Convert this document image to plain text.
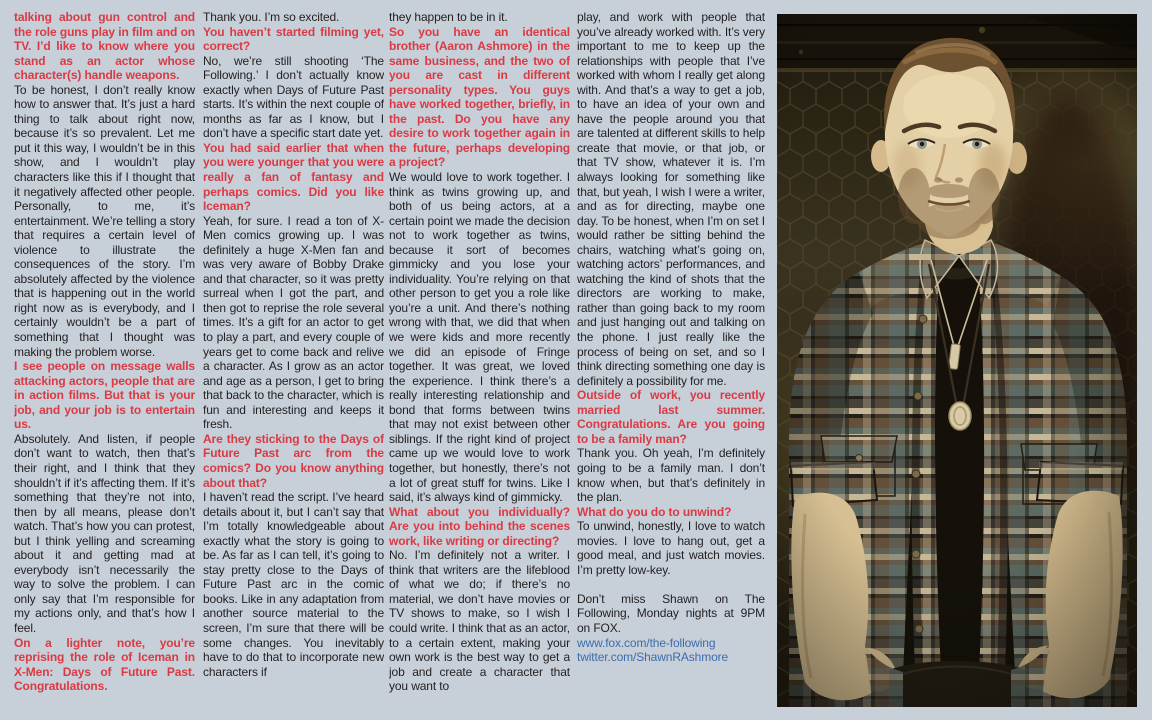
talking about gun control and the role guns play in film and on TV. I’d like to know where you stand as an actor whose character(s) handle weapons.

To be honest, I don’t really know how to answer that. It’s just a hard thing to talk about right now, because it’s so prevalent. Let me put it this way, I wouldn’t be in this show, and I wouldn’t play characters like this if I thought that it negatively affected other people. Personally, to me, it’s entertainment. We’re telling a story that requires a certain level of violence to illustrate the consequences of the story. I’m absolutely affected by the violence that is happening out in the world right now as is everybody, and I certainly wouldn’t be a part of something that I thought was making the problem worse.

I see people on message walls attacking actors, people that are in action films. But that is your job, and your job is to entertain us.

Absolutely. And listen, if people don’t want to watch, then that’s their right, and I think that they shouldn’t if it’s affecting them. If it’s something that they’re not into, then by all means, please don’t watch. That’s how you can protest, but I think yelling and screaming about it and getting mad at everybody isn’t necessarily the way to solve the problem. I can only say that I’m responsible for my actions only, and that’s how I feel.

On a lighter note, you’re reprising the role of Iceman in X-Men: Days of Future Past. Congratulations.

Thank you. I’m so excited.

You haven’t started filming yet, correct?

No, we’re still shooting ‘The Following.’ I don’t actually know exactly when Days of Future Past starts. It’s within the next couple of months as far as I know, but I don’t have a specific start date yet.

You had said earlier that when you were younger that you were really a fan of fantasy and perhaps comics. Did you like Iceman?

Yeah, for sure. I read a ton of X-Men comics growing up. I was definitely a huge X-Men fan and was very aware of Bobby Drake and that character, so it was pretty surreal when I got the part, and then got to reprise the role several times. It’s a gift for an actor to get to play a part, and every couple of years get to come back and relive a character. As I grow as an actor and age as a person, I get to bring that back to the character, which is fun and interesting and keeps it fresh.

Are they sticking to the Days of Future Past arc from the comics? Do you know anything about that?

I haven’t read the script. I’ve heard details about it, but I can’t say that I’m totally knowledgeable about exactly what the story is going to be. As far as I can tell, it’s going to stay pretty close to the Days of Future Past arc in the comic books. Like in any adaptation from another source material to the screen, I’m sure that there will be some changes. You inevitably have to do that to incorporate new characters if

they happen to be in it.

So you have an identical brother (Aaron Ashmore) in the same business, and the two of you are cast in different personality types. You guys have worked together, briefly, in the past. Do you have any desire to work together again in the future, perhaps developing a project?

We would love to work together. I think as twins growing up, and both of us being actors, at a certain point we made the decision not to work together as twins, because it sort of becomes gimmicky and you lose your individuality. You’re relying on that other person to get you a role like you’re a unit. And there’s nothing wrong with that, we did that when we were kids and more recently we did an episode of Fringe together. It was great, we loved the experience. I think there’s a really interesting relationship and bond that forms between twins that may not exist between other siblings. If the right kind of project came up we would love to work together, but honestly, there’s not a lot of great stuff for twins. Like I said, it’s always kind of gimmicky.

What about you individually? Are you into behind the scenes work, like writing or directing?

No. I’m definitely not a writer. I think that writers are the lifeblood of what we do; if there’s no material, we don’t have movies or TV shows to make, so I wish I could write. I think that as an actor, to a certain extent, making your own work is the best way to get a job and create a character that you want to

play, and work with people that you’ve already worked with. It’s very important to me to keep up the relationships with people that I’ve worked with whom I really get along with. And that’s a way to get a job, to have an idea of your own and have the people around you that are talented at different skills to help create that movie, or that job, or that TV show, whatever it is. I’m always looking for something like that, but yeah, I wish I were a writer, and as for directing, maybe one day. To be honest, when I’m on set I would rather be sitting behind the chairs, watching what’s going on, watching actors’ performances, and watching the kind of shots that the directors are working to make, rather than going back to my room and just hanging out and talking on the phone. I just really like the process of being on set, and so I think directing something one day is definitely a possibility for me.

Outside of work, you recently married last summer. Congratulations. Are you going to be a family man?

Thank you. Oh yeah, I’m definitely going to be a family man. I don’t know when, but that’s definitely in the plan.

What do you do to unwind?

To unwind, honestly, I love to watch movies. I love to hang out, get a good meal, and just watch movies. I’m pretty low-key.

Don’t miss Shawn on The Following, Monday nights at 9PM on FOX.

www.fox.com/the-following

twitter.com/ShawnRAshmore
